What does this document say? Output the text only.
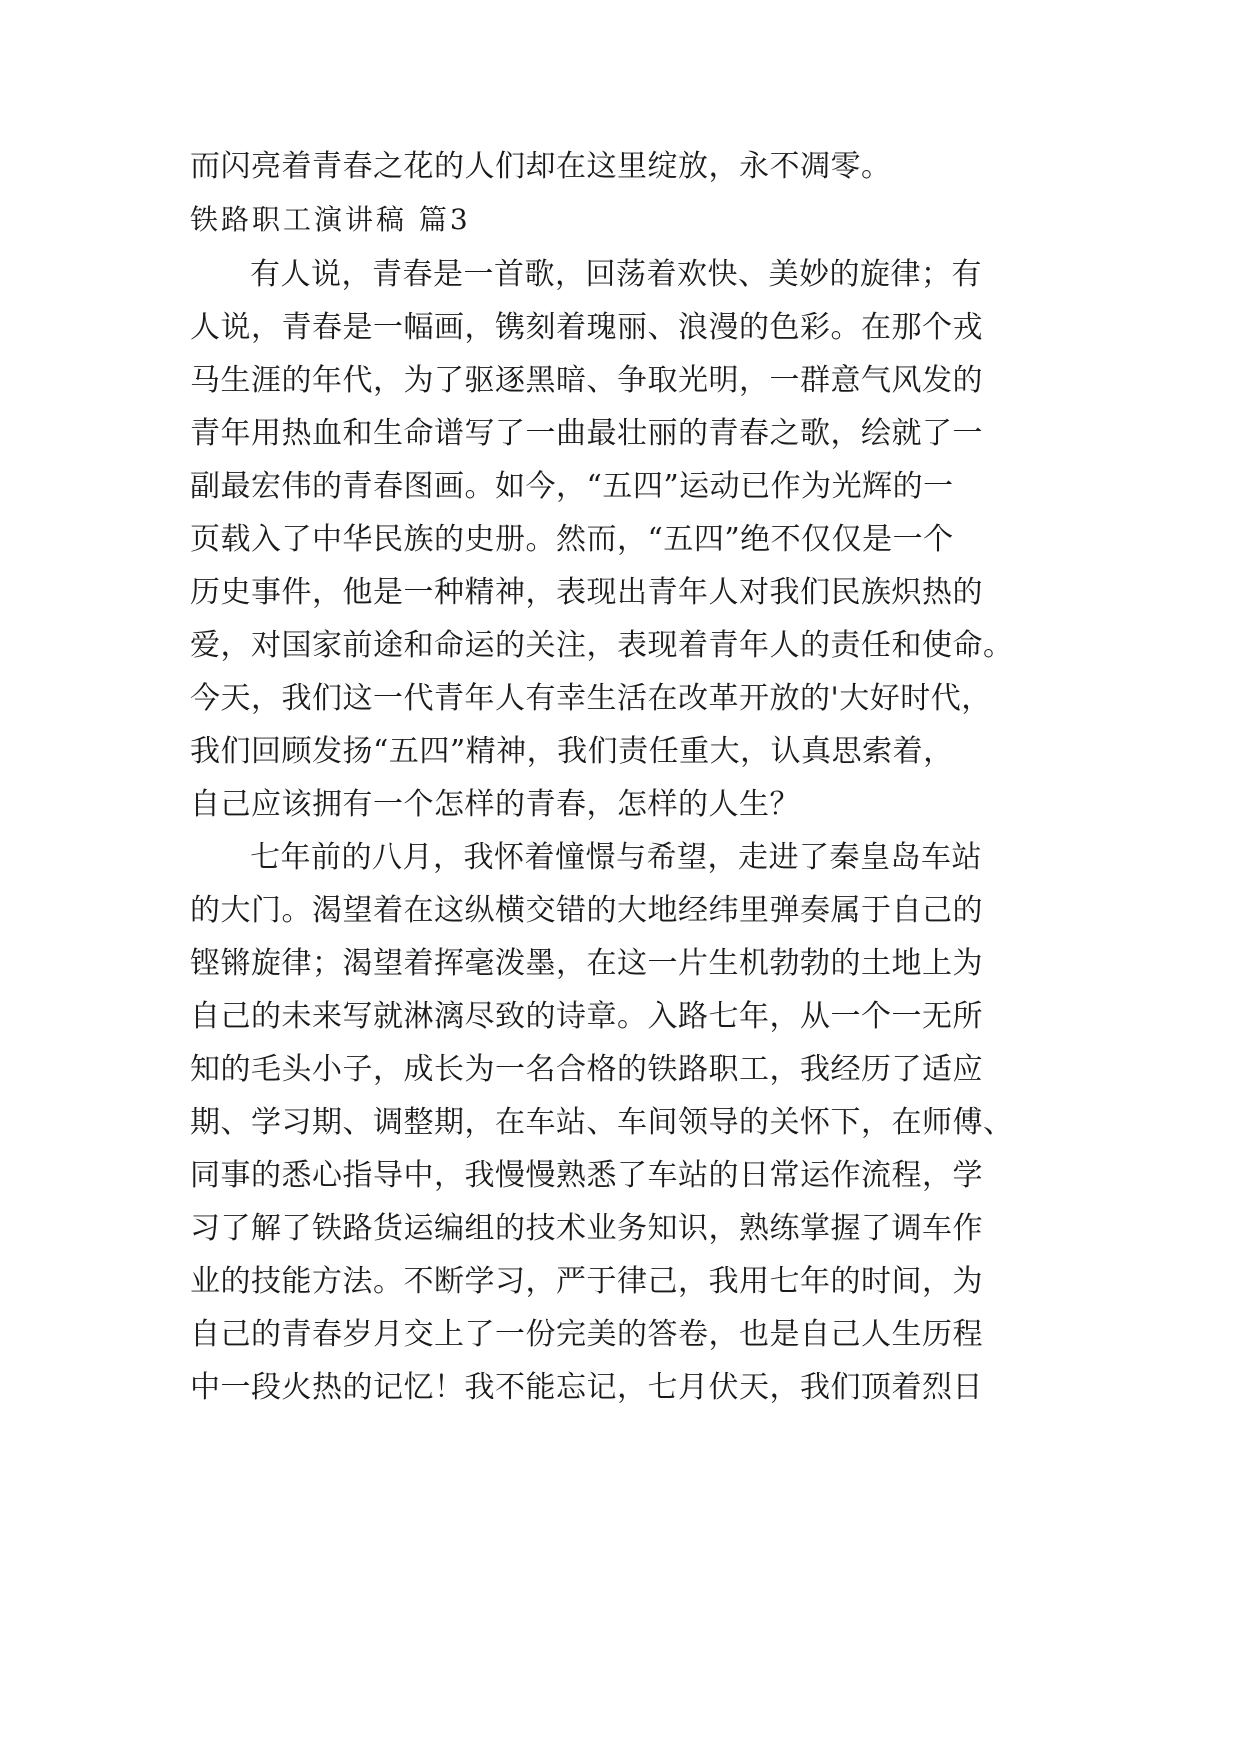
而闪亮着青春之花的人们却在这里绽放，永不凋零。
铁路职工演讲稿 篇3
有人说，青春是一首歌，回荡着欢快、美妙的旋律；有
人说，青春是一幅画，镌刻着瑰丽、浪漫的色彩。在那个戎
马生涯的年代，为了驱逐黑暗、争取光明，一群意气风发的
青年用热血和生命谱写了一曲最壮丽的青春之歌，绘就了一
副最宏伟的青春图画。如今，“五四”运动已作为光辉的一
页载入了中华民族的史册。然而，“五四”绝不仅仅是一个
历史事件，他是一种精神，表现出青年人对我们民族炽热的
爱，对国家前途和命运的关注，表现着青年人的责任和使命。
今天，我们这一代青年人有幸生活在改革开放的'大好时代，
我们回顾发扬“五四”精神，我们责任重大，认真思索着，
自己应该拥有一个怎样的青春，怎样的人生？
七年前的八月，我怀着憧憬与希望，走进了秦皇岛车站
的大门。渴望着在这纵横交错的大地经纬里弹奏属于自己的
铿锵旋律；渴望着挥毫泼墨，在这一片生机勃勃的土地上为
自己的未来写就淋漓尽致的诗章。入路七年，从一个一无所
知的毛头小子，成长为一名合格的铁路职工，我经历了适应
期、学习期、调整期，在车站、车间领导的关怀下，在师傅、
同事的悉心指导中，我慢慢熟悉了车站的日常运作流程，学
习了解了铁路货运编组的技术业务知识，熟练掌握了调车作
业的技能方法。不断学习，严于律己，我用七年的时间，为
自己的青春岁月交上了一份完美的答卷，也是自己人生历程
中一段火热的记忆！我不能忘记，七月伏天，我们顶着烈日
